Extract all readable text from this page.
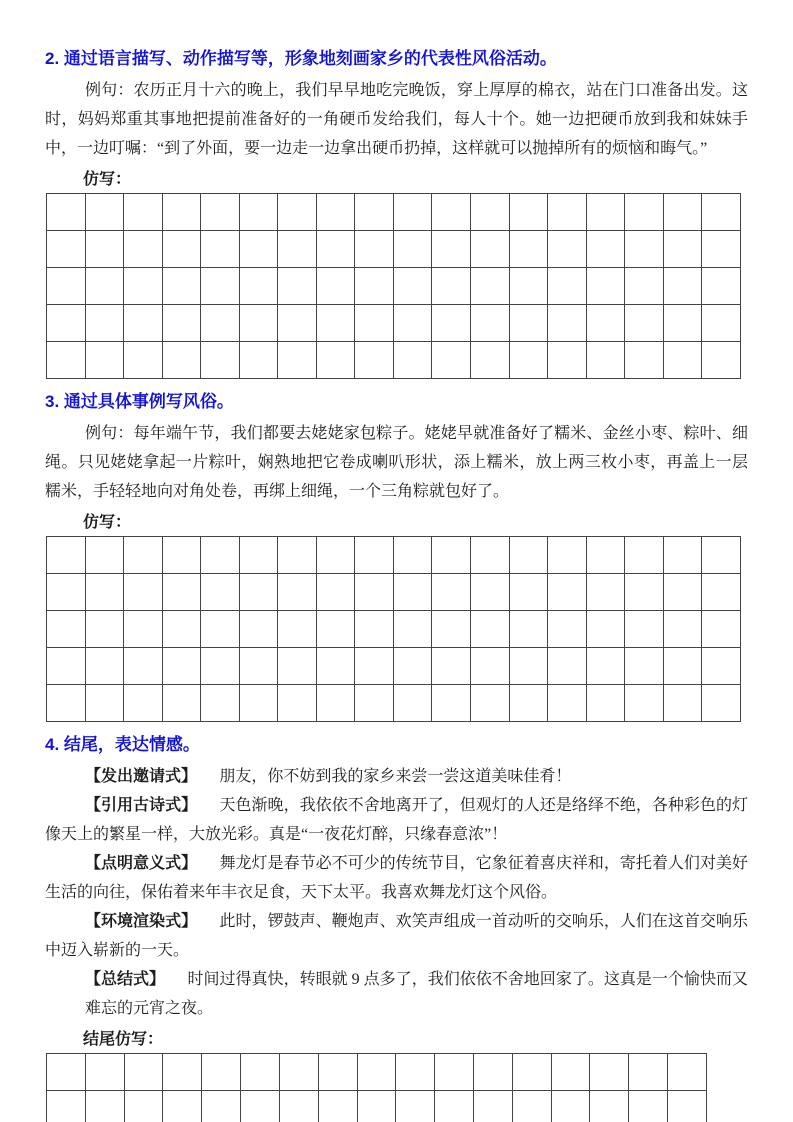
2. 通过语言描写、动作描写等，形象地刻画家乡的代表性风俗活动。

例句：农历正月十六的晚上，我们早早地吃完晚饭，穿上厚厚的棉衣，站在门口准备出发。这时，妈妈郑重其事地把提前准备好的一角硬币发给我们，每人十个。她一边把硬币放到我和妹妹手中，一边叮嘱：“到了外面，要一边走一边拿出硬币扔掉，这样就可以抛掉所有的烦恼和晦气。”

仿写：

3. 通过具体事例写风俗。

例句：每年端午节，我们都要去姥姥家包粽子。姥姥早就准备好了糯米、金丝小枣、粽叶、细绳。只见姥姥拿起一片粽叶，娴熟地把它卷成喇叭形状，添上糯米，放上两三枚小枣，再盖上一层糯米，手轻轻地向对角处卷，再绑上细绳，一个三角粽就包好了。

仿写：

4. 结尾，表达情感。

【发出邀请式】 朋友，你不妨到我的家乡来尝一尝这道美味佳肴！

【引用古诗式】 天色渐晚，我依依不舍地离开了，但观灯的人还是络绎不绝，各种彩色的灯像天上的繁星一样，大放光彩。真是“一夜花灯醉，只缘春意浓”！

【点明意义式】 舞龙灯是春节必不可少的传统节目，它象征着喜庆祥和，寄托着人们对美好生活的向往，保佑着来年丰衣足食，天下太平。我喜欢舞龙灯这个风俗。

【环境渲染式】 此时，锣鼓声、鞭炮声、欢笑声组成一首动听的交响乐，人们在这首交响乐中迈入崭新的一天。

【总结式】 时间过得真快，转眼就 9 点多了，我们依依不舍地回家了。这真是一个愉快而又难忘的元宵之夜。

结尾仿写：
